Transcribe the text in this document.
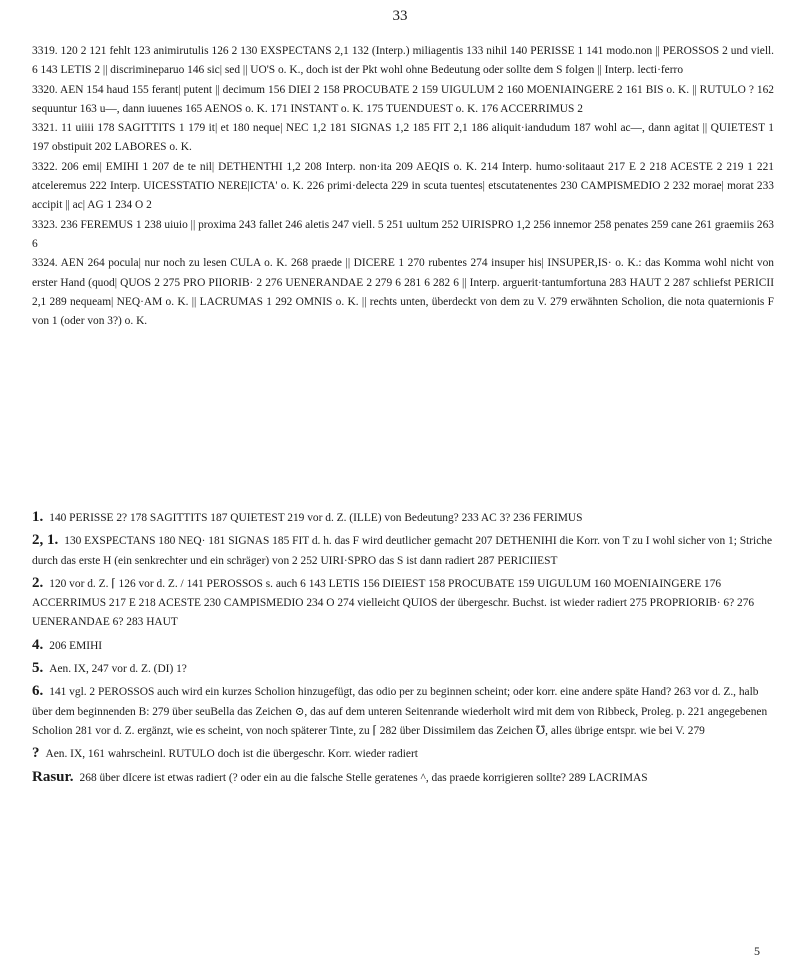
33

3319. 120 2 121 fehlt 123 animirutulis 126 2 130 EXSPECTANS 2,1 132 (Interp.) miliagentis 133 nihil 140 PERISSE 1 141 modo.non || PEROSSOS 2 und viell. 6 143 LETIS 2 || discrimineparuo 146 sic| sed || UO'S o. K., doch ist der Pkt wohl ohne Bedeutung oder sollte dem S folgen || Interp. lecti·ferro

3320. AEN 154 haud 155 ferant| putent || decimum 156 DIEI 2 158 PROCUBATE 2 159 UIGULUM 2 160 MOENIAINGERE 2 161 BIS o. K. || RUTULO ? 162 sequuntur 163 u—, dann iuuenes 165 AENOS o. K. 171 INSTANT o. K. 175 TUENDUEST o. K. 176 ACCERRIMUS 2

3321. 11 uiiii 178 SAGITTITS 1 179 it| et 180 neque| NEC 1,2 181 SIGNAS 1,2 185 FIT 2,1 186 aliquit·iandudum 187 wohl ac—, dann agitat || QUIETEST 1 197 obstipuit 202 LABORES o. K.

3322. 206 emi| EMIHI 1 207 de te nil| DETHENTHI 1,2 208 Interp. non·ita 209 AEQIS o. K. 214 Interp. humo·solitaaut 217 E 2 218 ACESTE 2 219 1 221 atceleremus 222 Interp. UICESSTATIO NERE|ICTA' o. K. 226 primi·delecta 229 in scuta tuentes| etscutatenentes 230 CAMPISMEDIO 2 232 morae| morat 233 accipit || ac| AG 1 234 O 2

3323. 236 FEREMUS 1 238 uiuio || proxima 243 fallet 246 aletis 247 viell. 5 251 uultum 252 UIRISPRO 1,2 256 innemor 258 penates 259 cane 261 graemiis 263 6

3324. AEN 264 pocula| nur noch zu lesen CULA o. K. 268 praede || DICERE 1 270 rubentes 274 insuper his| INSUPER,IS· o. K.: das Komma wohl nicht von erster Hand (quod| QUOS 2 275 PRO PIIORIB· 2 276 UENERANDAE 2 279 6 281 6 282 6 || Interp. arguerit·tantumfortuna 283 HAUT 2 287 schliefst PERICII 2,1 289 nequeam| NEQ·AM o. K. || LACRUMAS 1 292 OMNIS o. K. || rechts unten, überdeckt von dem zu V. 279 erwähnten Scholion, die nota quaternionis F von 1 (oder von 3?) o. K.

1. 140 PERISSE 2? 178 SAGITTITS 187 QUIETEST 219 vor d. Z. (ILLE) von Bedeutung? 233 AC 3? 236 FERIMUS

2, 1. 130 EXSPECTANS 180 NEQ· 181 SIGNAS 185 FIT d. h. das F wird deutlicher gemacht 207 DETHENIHI die Korr. von T zu I wohl sicher von 1; Striche durch das erste H (ein senkrechter und ein schräger) von 2 252 UIRI·SPRO das S ist dann radiert 287 PERICIIEST

2. 120 vor d. Z. ⌈ 126 vor d. Z. / 141 PEROSSOS s. auch 6 143 LETIS 156 DIEIEST 158 PROCUBATE 159 UIGULUM 160 MOENIAINGERE 176 ACCERRIMUS 217 E 218 ACESTE 230 CAMPISMEDIO 234 O 274 vielleicht QUIOS der übergeschr. Buchst. ist wieder radiert 275 PROPRIORIB· 6? 276 UENERANDAE 6? 283 HAUT

4. 206 EMIHI

5. Aen. IX, 247 vor d. Z. (DI) 1?

6. 141 vgl. 2 PEROSSOS auch wird ein kurzes Scholion hinzugefügt, das odio per zu beginnen scheint; oder korr. eine andere späte Hand? 263 vor d. Z., halb über dem beginnenden B: 279 über seuBella das Zeichen ⊙, das auf dem unteren Seitenrande wiederholt wird mit dem von Ribbeck, Proleg. p. 221 angegebenen Scholion 281 vor d. Z. ergänzt, wie es scheint, von noch späterer Tinte, zu ⌈ 282 über Dissimilem das Zeichen ℧, alles übrige entspr. wie bei V. 279

? Aen. IX, 161 wahrscheinl. RUTULO doch ist die übergeschr. Korr. wieder radiert

Rasur. 268 über dIcere ist etwas radiert (? oder ein au die falsche Stelle geratenes ^, das praede korrigieren sollte? 289 LACRIMAS

5
